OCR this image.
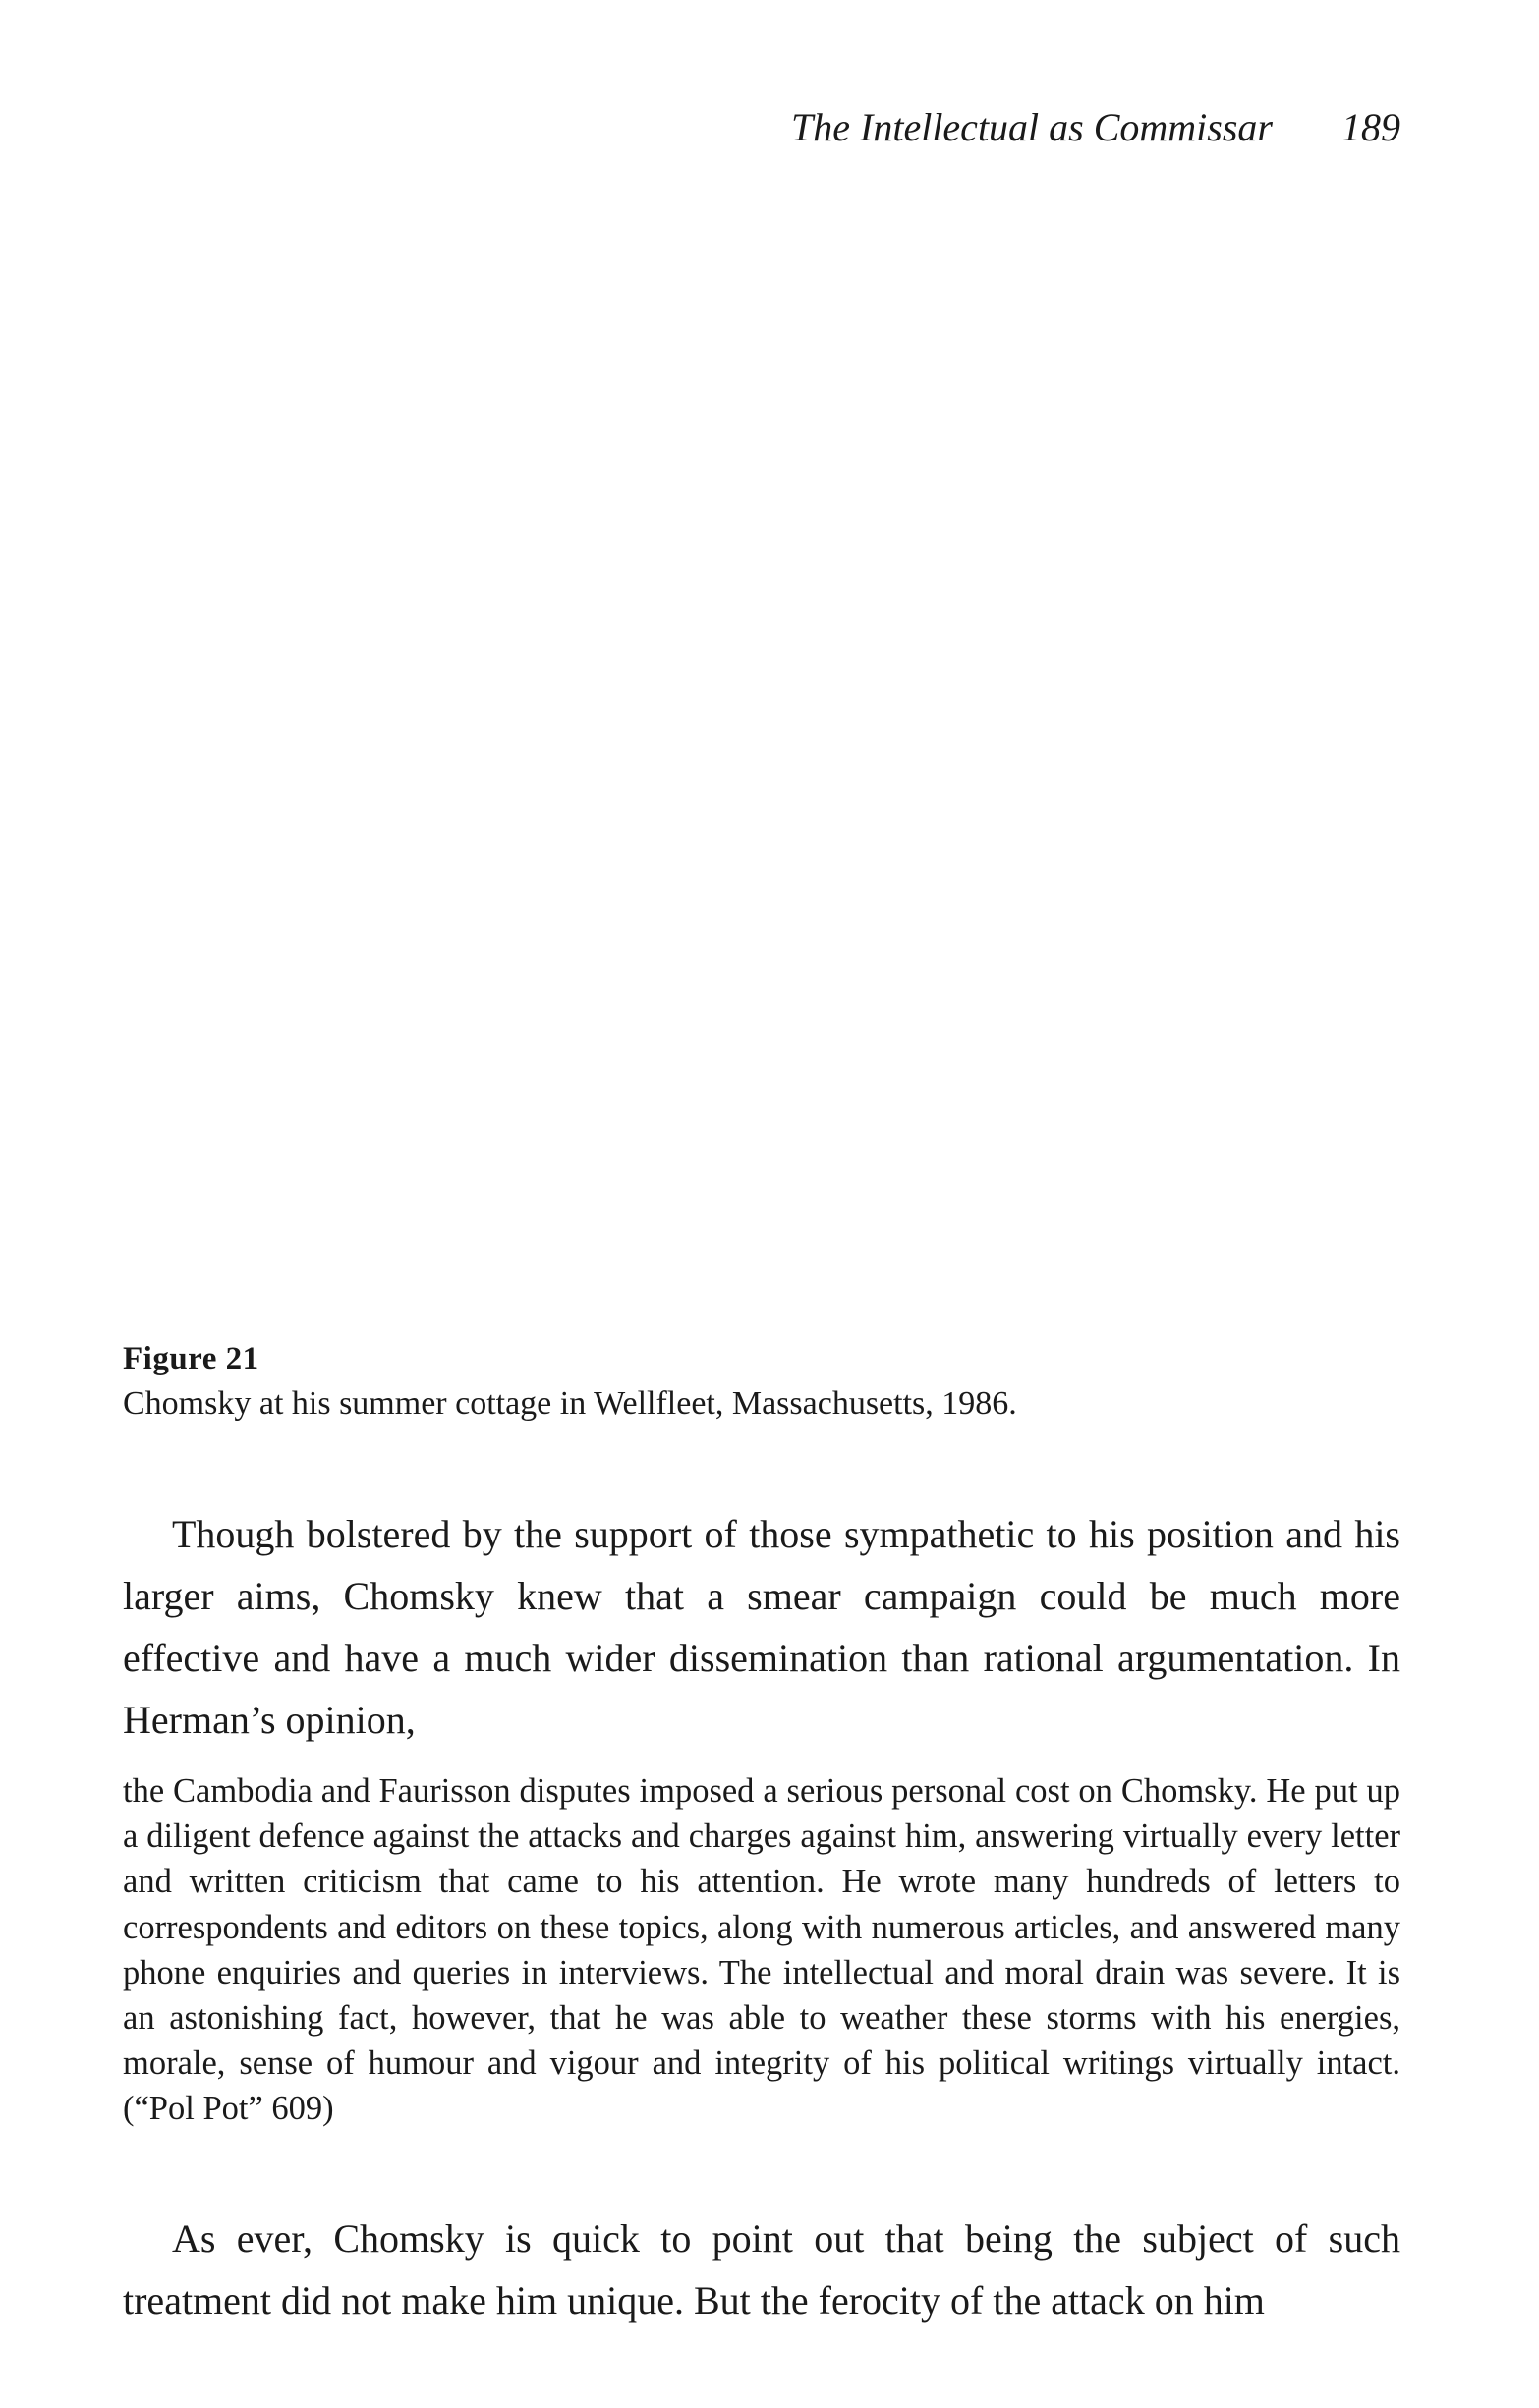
The Intellectual as Commissar	189
Figure 21
Chomsky at his summer cottage in Wellfleet, Massachusetts, 1986.

Though bolstered by the support of those sympathetic to his position and his larger aims, Chomsky knew that a smear campaign could be much more effective and have a much wider dissemination than rational argumentation. In Herman’s opinion,

the Cambodia and Faurisson disputes imposed a serious personal cost on Chomsky. He put up a diligent defence against the attacks and charges against him, answering virtually every letter and written criticism that came to his attention. He wrote many hundreds of letters to correspondents and editors on these topics, along with numerous articles, and answered many phone enquiries and queries in interviews. The intellectual and moral drain was severe. It is an astonishing fact, however, that he was able to weather these storms with his energies, morale, sense of humour and vigour and integrity of his political writings virtually intact. (“Pol Pot” 609)

As ever, Chomsky is quick to point out that being the subject of such treatment did not make him unique. But the ferocity of the attack on him
